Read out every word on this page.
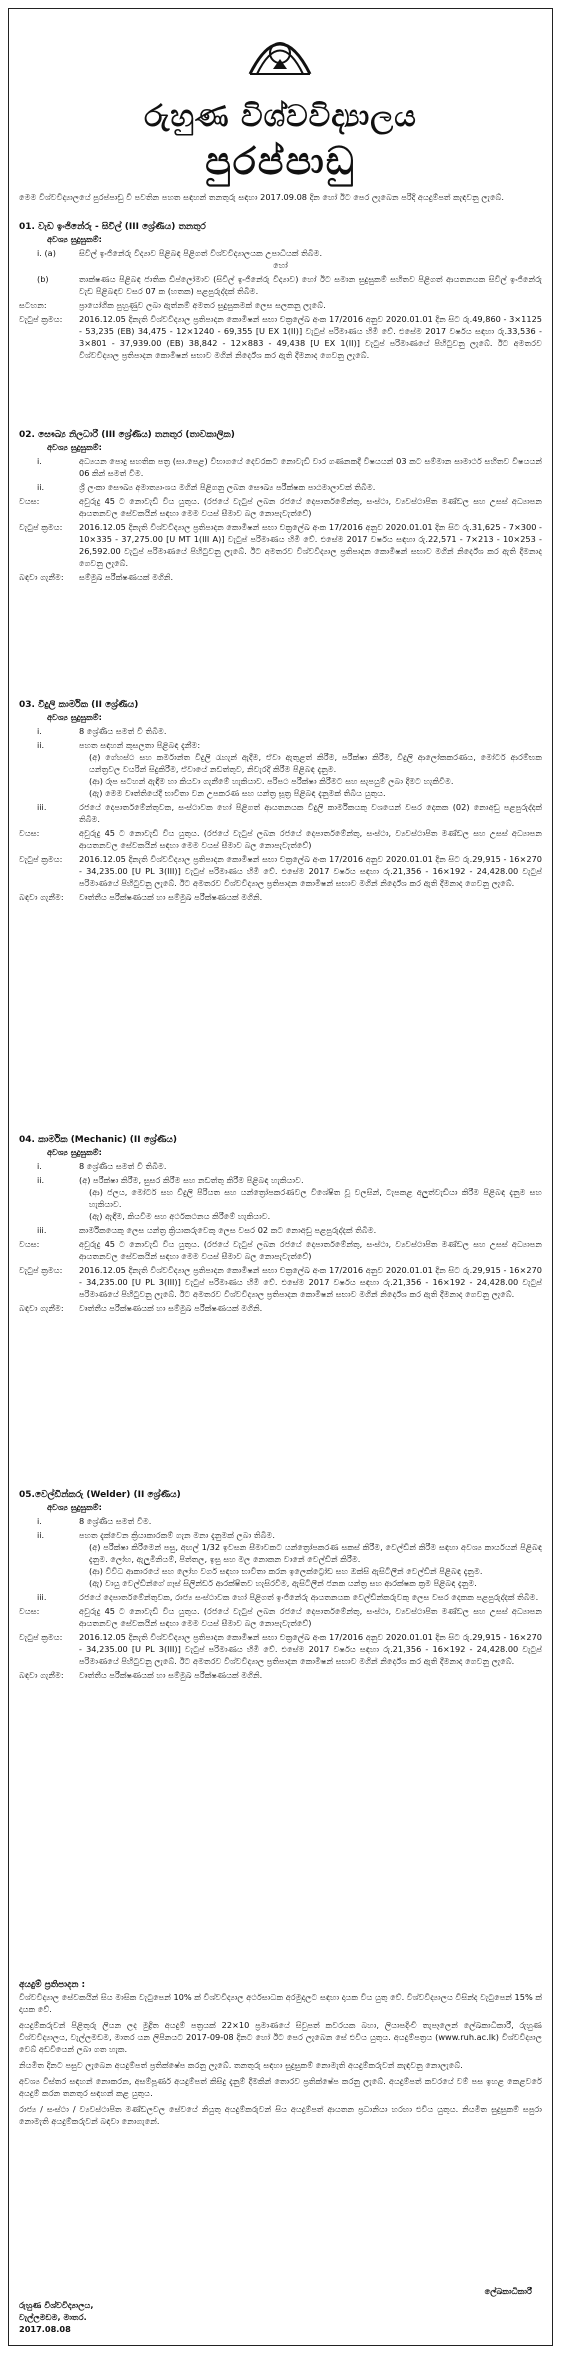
රුහුණ විශ්වවිද්‍යාලය
පුරප්පාඩු
මෙම විශ්වවිද්‍යාලයේ පුරප්පාඩු වී පවතින පහත සඳහන් තනතුරු සඳහා 2017.09.08 දින හෝ ඊට පෙර ලැබෙන පරිදි අයදුම්පත් කැඳවනු ලැබේ.
01. වැඩ ඉංජිනේරු - සිවිල් (III ශ්‍රේණිය) තනතුර
අවශ්‍ය සුදුසුකම්:
i. (a)	සිවිල් ඉංජිනේරු විද්‍යාව පිළිබඳ පිළිගත් විශ්වවිද්‍යාලයක උපාධියක් තිබීම.
හෝ
(b)	තාක්ෂණය පිළිබඳ ජාතික ඩිප්ලෝමාව (සිවිල් ඉංජිනේරු විද්‍යාව) හෝ ඊට සමාන සුදුසුකම් සහිතව පිළිගත් ආයතනයක සිවිල් ඉංජිනේරු වැඩ පිළිබඳව වසර 07 ක (හතක) පළපුරුද්දක් තිබීම.
සටහන:	ප්‍රායෝගික පුහුණුව ලබා ඇත්නම් අමතර සුදුසුකමක් ලෙස සලකනු ලැබේ.
වැටුප් ක්‍රමය:	2016.12.05 දිනැති විශ්වවිද්‍යාල ප්‍රතිපාදන කොමිෂන් සභා චක්‍රලේඛ අංක 17/2016 අනුව 2020.01.01 දින සිට රු.49,860 - 3×1125 - 53,235 (EB) 34,475 - 12×1240 - 69,355 [U EX 1(II)] වැටුප් පරිමාණය හිමි වේ. එසේම 2017 වර්ෂය සඳහා රු.33,536 - 3×801 - 37,939.00 (EB) 38,842 - 12×883 - 49,438 [U EX 1(II)] වැටුප් පරිමාණයේ පිහිටුවනු ලැබේ. ඊට අමතරව විශ්වවිද්‍යාල ප්‍රතිපාදන කොමිෂන් සභාව මගින් නිර්දේශ කර ඇති දීමනාද ගෙවනු ලැබේ.
02. සෞඛ්‍ය නිලධාරී (III ශ්‍රේණිය) තනතුර (තාවකාලික)
අවශ්‍ය සුදුසුකම්:
i.	අධ්‍යයන පොදු සහතික පත්‍ර (සා.පෙළ) විභාගයේ දෙවරකට නොවැඩි වාර ගණනකදී විෂයයන් 03 කට සම්මාන සාමාර්ථ සහිතව විෂයයන් 06 කින් සමත් වීම.
ii.	ශ්‍රී ලංකා සෞඛ්‍ය අමාත්‍යාංශය මගින් පිළිගනු ලබන සෞඛ්‍ය පරීක්ෂක පාඨමාලාවක් තිබීම.
වයස:	අවුරුදු 45 ට නොවැඩි විය යුතුය. (රජයේ වැටුප් ලබන රජයේ දෙපාර්තමේන්තු, සංස්ථා, ව්‍යවස්ථාපිත මණ්ඩල සහ උසස් අධ්‍යාපන ආයතනවල සේවකයින් සඳහා මෙම වයස් සීමාව බල නොපැවැත්වේ)
වැටුප් ක්‍රමය:	2016.12.05 දිනැති විශ්වවිද්‍යාල ප්‍රතිපාදන කොමිෂන් සභා චක්‍රලේඛ අංක 17/2016 අනුව 2020.01.01 දින සිට රු.31,625 - 7×300 - 10×335 - 37,275.00 [U MT 1(III A)] වැටුප් පරිමාණය හිමි වේ. එසේම 2017 වර්ෂය සඳහා රු.22,571 - 7×213 - 10×253 - 26,592.00 වැටුප් පරිමාණයේ පිහිටුවනු ලැබේ. ඊට අමතරව විශ්වවිද්‍යාල ප්‍රතිපාදන කොමිෂන් සභාව මගින් නිර්දේශ කර ඇති දීමනාද ගෙවනු ලැබේ.
බඳවා ගැනීම:	සම්මුඛ පරීක්ෂණයක් මගිනි.
03. විදුලි කාර්මික (II ශ්‍රේණිය)
අවශ්‍ය සුදුසුකම්:
i.	8 ශ්‍රේණිය සමත් වී තිබීම.
ii.	පහත සඳහන් කුසලතා පිළිබඳ දැනීම:
(අ) ගේහස්ථ සහ කර්මාන්ත විදුලි රැහැන් ඇදීම, ඒවා ඇතුළත් කිරීම, පරීක්ෂා කිරීම, විදුලි ආලෝකකරණය, මෝටර් ආරම්භක යන්ත්‍රවල වයරින් සිදුකිරීම, ඒවායේ නඩත්තුව, නිවැරදි කිරීම පිළිබඳ දැනුම.
(ආ) රූප සටහන් ඇඳීම හා කියවා ගැනීමේ හැකියාව. පරිපථ පරීක්ෂා කිරීමට සහ සැපයුම් ලබා දීමට හැකිවීම.
(ඇ) මෙම වෘත්තියේදී භාවිතා වන උපකරණ සහ යන්ත්‍ර සූත්‍ර පිළිබඳ දැනුමක් තිබිය යුතුය.
iii.	රජයේ දෙපාර්තමේන්තුවක, සංස්ථාවක හෝ පිළිගත් ආයතනයක විදුලි කාර්මිකයකු වශයෙන් වසර දෙකක (02) නොඅඩු පළපුරුද්දක් තිබීම.
වයස:	අවුරුදු 45 ට නොවැඩි විය යුතුය. (රජයේ වැටුප් ලබන රජයේ දෙපාර්තමේන්තු, සංස්ථා, ව්‍යවස්ථාපිත මණ්ඩල සහ උසස් අධ්‍යාපන ආයතනවල සේවකයින් සඳහා මෙම වයස් සීමාව බල නොපැවැත්වේ)
වැටුප් ක්‍රමය:	2016.12.05 දිනැති විශ්වවිද්‍යාල ප්‍රතිපාදන කොමිෂන් සභා චක්‍රලේඛ අංක 17/2016 අනුව 2020.01.01 දින සිට රු.29,915 - 16×270 - 34,235.00 [U PL 3(III)] වැටුප් පරිමාණය හිමි වේ. එසේම 2017 වර්ෂය සඳහා රු.21,356 - 16×192 - 24,428.00 වැටුප් පරිමාණයේ පිහිටුවනු ලැබේ. ඊට අමතරව විශ්වවිද්‍යාල ප්‍රතිපාදන කොමිෂන් සභාව මගින් නිර්දේශ කර ඇති දීමනාද ගෙවනු ලැබේ.
බඳවා ගැනීම:	වෘත්තීය පරීක්ෂණයක් හා සම්මුඛ පරීක්ෂණයක් මගිනි.
04. කාර්මික (Mechanic) (II ශ්‍රේණිය)
අවශ්‍ය සුදුසුකම්:
i.	8 ශ්‍රේණිය සමත් වී තිබීම.
ii.	(අ) පරීක්ෂා කිරීම, සුසර කිරීම සහ නඩත්තු කිරීම පිළිබඳ හැකියාව.
(ආ) ජලය, මෝටර් සහ විදුලි පිරියත සහ යන්ත්‍රෝපකරණවල විශේෂිත වූ වලසින්, ටැපකළ අලුත්වැඩියා කිරීම පිළිබඳ දැනුම සහ හැකියාව.
(ඇ) ඇඳීම, කියවීම සහ අර්ථකථනය කිරීමේ හැකියාව.
iii.	කාර්මිකයෙකු ලෙස යන්ත්‍ර ක්‍රියාකරුවෙකු ලෙස වසර 02 කට නොඅඩු පළපුරුද්දක් තිබීම.
වයස:	අවුරුදු 45 ට නොවැඩි විය යුතුය. (රජයේ වැටුප් ලබන රජයේ දෙපාර්තමේන්තු, සංස්ථා, ව්‍යවස්ථාපිත මණ්ඩල සහ උසස් අධ්‍යාපන ආයතනවල සේවකයින් සඳහා මෙම වයස් සීමාව බල නොපැවැත්වේ)
වැටුප් ක්‍රමය:	2016.12.05 දිනැති විශ්වවිද්‍යාල ප්‍රතිපාදන කොමිෂන් සභා චක්‍රලේඛ අංක 17/2016 අනුව 2020.01.01 දින සිට රු.29,915 - 16×270 - 34,235.00 [U PL 3(III)] වැටුප් පරිමාණය හිමි වේ. එසේම 2017 වර්ෂය සඳහා රු.21,356 - 16×192 - 24,428.00 වැටුප් පරිමාණයේ පිහිටුවනු ලැබේ. ඊට අමතරව විශ්වවිද්‍යාල ප්‍රතිපාදන කොමිෂන් සභාව මගින් නිර්දේශ කර ඇති දීමනාද ගෙවනු ලැබේ.
බඳවා ගැනීම:	වෘත්තීය පරීක්ෂණයක් හා සම්මුඛ පරීක්ෂණයක් මගිනි.
05.වෙල්ඩින්කරු (Welder) (II ශ්‍රේණිය)
අවශ්‍ය සුදුසුකම්:
i.	8 ශ්‍රේණිය සමත් වීම.
ii.	පහත දැක්වෙන ක්‍රියාකාරකම් ගැන මනා දැනුමක් ලබා තිබීම.
(අ) පරීක්ෂා කිරීමෙන් පසු, අඟල් 1/32 ඉවසන සීමාවකට යන්ත්‍රෝපකරණ සකස් කිරීම, වෙල්ඩින් කිරීම සඳහා අවශ්‍ය කාර්යයන් පිළිබඳ දැනුම. ලෝහ, ඇලුමිනියම්, පිත්තල, ඉසු සහ මල නොකන වානේ වෙල්ඩින් කිරීම.
(ආ) විවිධ ආකාරයේ සහ ලෝහ වර්ග සඳහා භාවිතා කරන ඉලෙක්ට්‍රෝඩ සහ ඔක්සි ඇසිටිලීන් වෙල්ඩින් පිළිබඳ දැනුම.
(ඇ) වායු වෙල්ඩින්ගේ ගෑස් සිලින්ඩර් ආරක්ෂිතව හැසිරවීම, ඇසිටිලීන් ජනක යන්ත්‍ර සහ ආරක්ෂක ක්‍රම පිළිබඳ දැනුම.
iii.	රජයේ දෙපාර්තමේන්තුවක, රාජ්‍ය සංස්ථාවක හෝ පිළිගත් ඉංජිනේරු ආයතනයක වෙල්ඩින්කරුවකු ලෙස වසර දෙකක පළපුරුද්දක් තිබීම.
වයස:	අවුරුදු 45 ට නොවැඩි විය යුතුය. (රජයේ වැටුප් ලබන රජයේ දෙපාර්තමේන්තු, සංස්ථා, ව්‍යවස්ථාපිත මණ්ඩල සහ උසස් අධ්‍යාපන ආයතනවල සේවකයින් සඳහා මෙම වයස් සීමාව බල නොපැවැත්වේ)
වැටුප් ක්‍රමය:	2016.12.05 දිනැති විශ්වවිද්‍යාල ප්‍රතිපාදන කොමිෂන් සභා චක්‍රලේඛ අංක 17/2016 අනුව 2020.01.01 දින සිට රු.29,915 - 16×270 - 34,235.00 [U PL 3(III)] වැටුප් පරිමාණය හිමි වේ. එසේම 2017 වර්ෂය සඳහා රු.21,356 - 16×192 - 24,428.00 වැටුප් පරිමාණයේ පිහිටුවනු ලැබේ. ඊට අමතරව විශ්වවිද්‍යාල ප්‍රතිපාදන කොමිෂන් සභාව මගින් නිර්දේශ කර ඇති දීමනාද ගෙවනු ලැබේ.
බඳවා ගැනීම:	වෘත්තීය පරීක්ෂණයක් හා සම්මුඛ පරීක්ෂණයක් මගිනි.
අයදුම් ප්‍රතිපාදන :
විශ්වවිද්‍යාල සේවකයින් සිය මාසික වැටුපෙන් 10% ක් විශ්වවිද්‍යාල අර්ථසාධක අරමුදලට සඳහා දායක විය යුතු වේ. විශ්වවිද්‍යාලය විසින්ද වැටුපෙන් 15% ක් දායක වේ.
අයදුම්කරුවන් පිළිතුරු ලියන ලද මුද්‍රිත අයදුම් පත්‍රයක් 22×10 ප්‍රමාණයේ සිවුපත් කවරයක බහා, ලියාපදිංචි තැපෑලෙන් ලේඛකාධිකාරී, රුහුණ විශ්වවිද්‍යාලය, වැල්ලමඩම, මාතර යන ලිපිනයට 2017-09-08 දිනට හෝ ඊට පෙර ලැබෙන සේ එවිය යුතුය. අයදුම්පත්‍රය (www.ruh.ac.lk) විශ්වවිද්‍යාල වෙබ් අඩවියෙන් ලබා ගත හැක.
නියමිත දිනට පසුව ලැබෙන අයදුම්පත් ප්‍රතික්ෂේප කරනු ලැබේ. තනතුරු සඳහා සුදුසුකම් නොමැති අයදුම්කරුවන් කැඳවනු නොලැබේ.
අවශ්‍ය විස්තර සඳහන් නොකරන, අසම්පූර්ණ අයදුම්පත් කිසිදු දැනුම් දීමකින් තොරව ප්‍රතික්ෂේප කරනු ලැබේ. අයදුම්පත් කවරයේ වම් පස ඉහළ කෙළවරේ අයදුම් කරන තනතුර සඳහන් කළ යුතුය.
රාජ්‍ය / සංස්ථා / ව්‍යවස්ථාපිත මණ්ඩලවල සේවයේ නියුතු අයදුම්කරුවන් සිය අයදුම්පත් ආයතන ප්‍රධානියා හරහා එවිය යුතුය. නියමිත සුදුසුකම් සපුරා නොමැති අයදුම්කරුවන් බඳවා නොගැනේ.
ලේඛකාධිකාරී
රුහුණ විශ්වවිද්‍යාලය,
වැල්ලමඩම, මාතර.
2017.08.08
